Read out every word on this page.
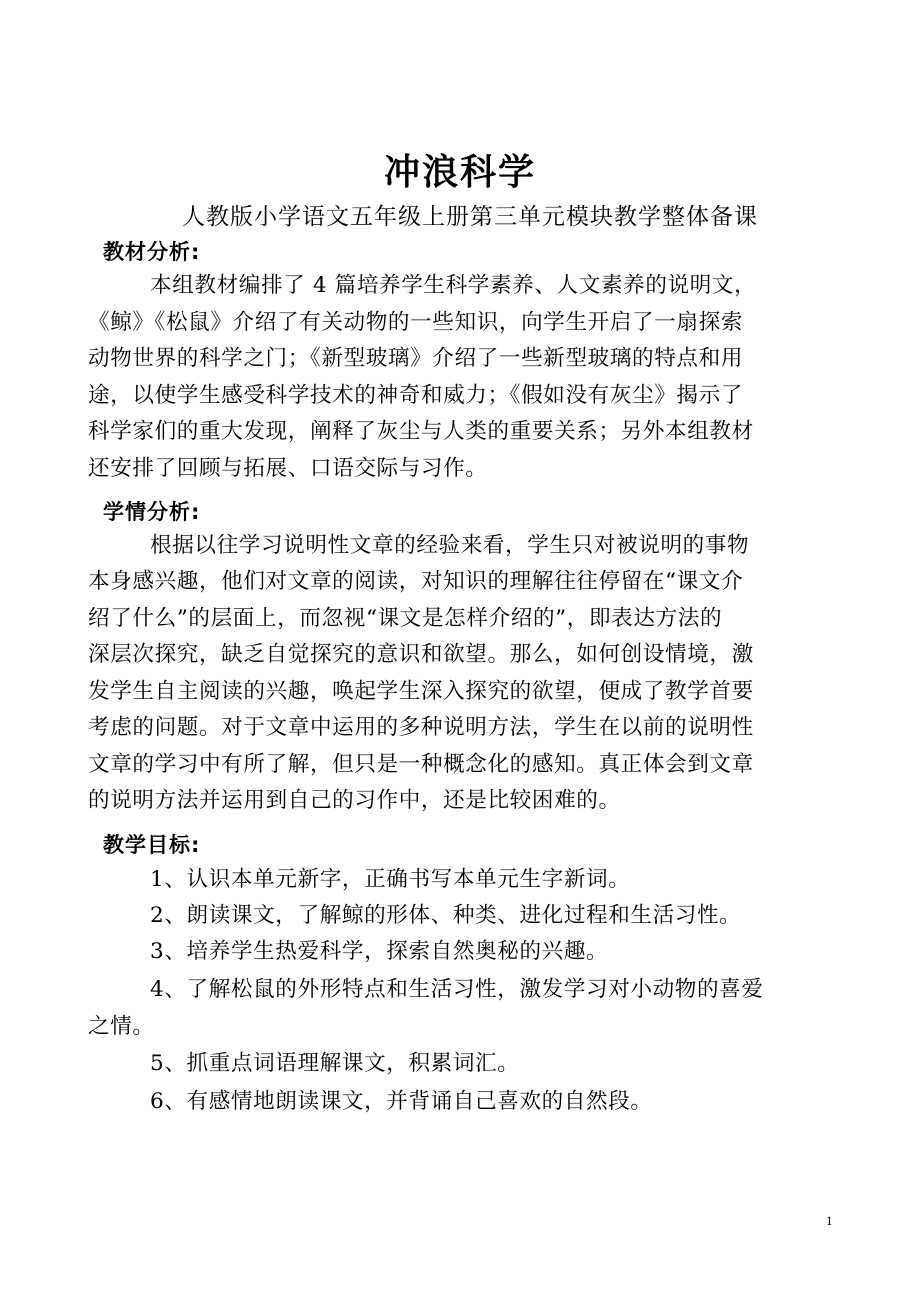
冲浪科学
人教版小学语文五年级上册第三单元模块教学整体备课
教材分析:
本组教材编排了 4 篇培养学生科学素养、人文素养的说明文，
《鲸》《松鼠》介绍了有关动物的一些知识，向学生开启了一扇探索
动物世界的科学之门；《新型玻璃》介绍了一些新型玻璃的特点和用
途，以使学生感受科学技术的神奇和威力；《假如没有灰尘》揭示了
科学家们的重大发现，阐释了灰尘与人类的重要关系；另外本组教材
还安排了回顾与拓展、口语交际与习作。
学情分析:
根据以往学习说明性文章的经验来看，学生只对被说明的事物
本身感兴趣，他们对文章的阅读，对知识的理解往往停留在“课文介
绍了什么”的层面上，而忽视“课文是怎样介绍的”，即表达方法的
深层次探究，缺乏自觉探究的意识和欲望。那么，如何创设情境，激
发学生自主阅读的兴趣，唤起学生深入探究的欲望，便成了教学首要
考虑的问题。对于文章中运用的多种说明方法，学生在以前的说明性
文章的学习中有所了解，但只是一种概念化的感知。真正体会到文章
的说明方法并运用到自己的习作中，还是比较困难的。
教学目标:
1、认识本单元新字，正确书写本单元生字新词。
2、朗读课文，了解鲸的形体、种类、进化过程和生活习性。
3、培养学生热爱科学，探索自然奥秘的兴趣。
4、了解松鼠的外形特点和生活习性，激发学习对小动物的喜爱
之情。
5、抓重点词语理解课文，积累词汇。
6、有感情地朗读课文，并背诵自己喜欢的自然段。
1
